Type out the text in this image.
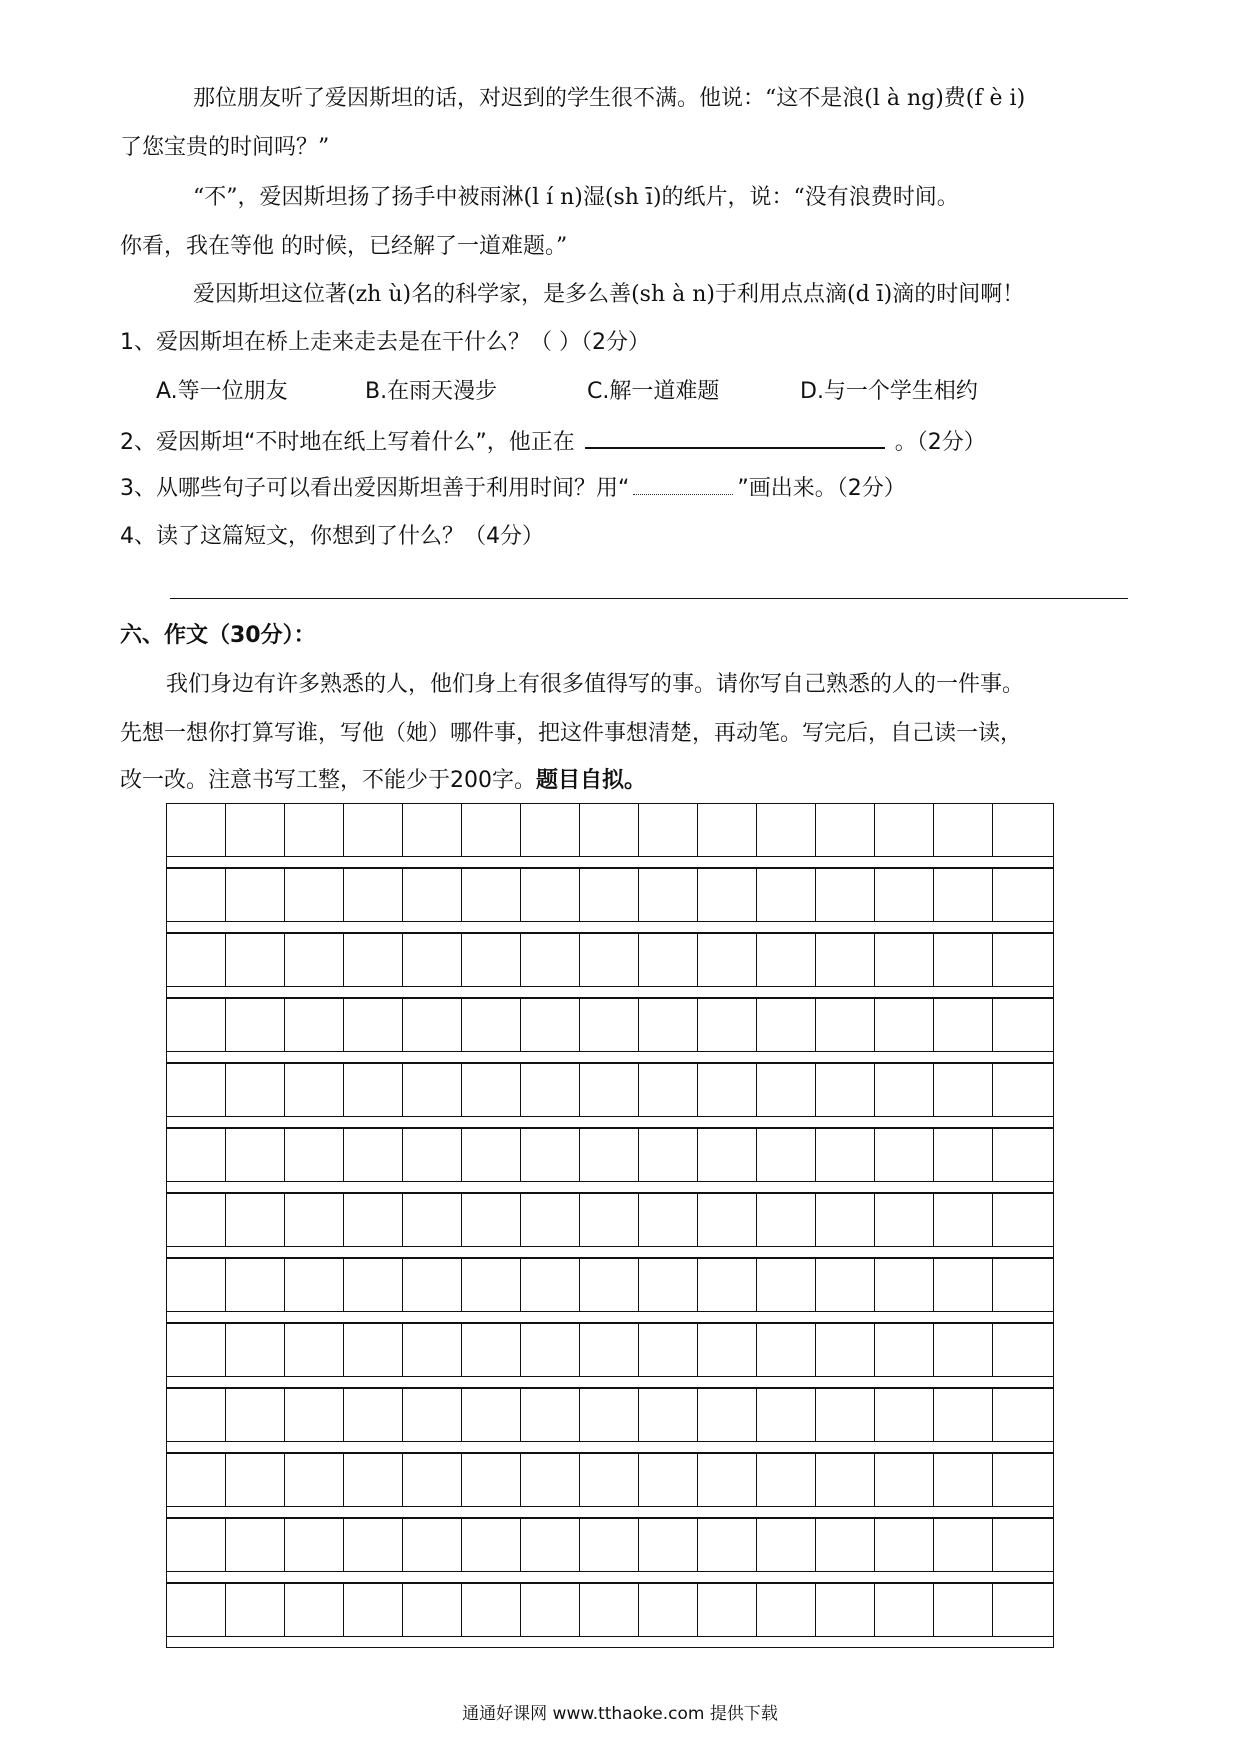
那位朋友听了爱因斯坦的话，对迟到的学生很不满。他说：“这不是浪(l à ng)费(f è i)
了您宝贵的时间吗？”
“不”，爱因斯坦扬了扬手中被雨淋(l í n)湿(sh ī)的纸片，说：“没有浪费时间。
你看，我在等他 的时候，已经解了一道难题。”
爱因斯坦这位著(zh ù)名的科学家，是多么善(sh à n)于利用点点滴(d ī)滴的时间啊！
1、爱因斯坦在桥上走来走去是在干什么？（ ）（2分）
A.等一位朋友	B.在雨天漫步	C.解一道难题	D.与一个学生相约
2、爱因斯坦“不时地在纸上写着什么”，他正在	。（2分）
3、从哪些句子可以看出爱因斯坦善于利用时间？用“	”画出来。（2分）
4、读了这篇短文，你想到了什么？（4分）
六、作文（30分）：
我们身边有许多熟悉的人，他们身上有很多值得写的事。请你写自己熟悉的人的一件事。
先想一想你打算写谁，写他（她）哪件事，把这件事想清楚，再动笔。写完后，自己读一读，
改一改。注意书写工整，不能少于200字。题目自拟。
通通好课网 www.tthaoke.com 提供下载
